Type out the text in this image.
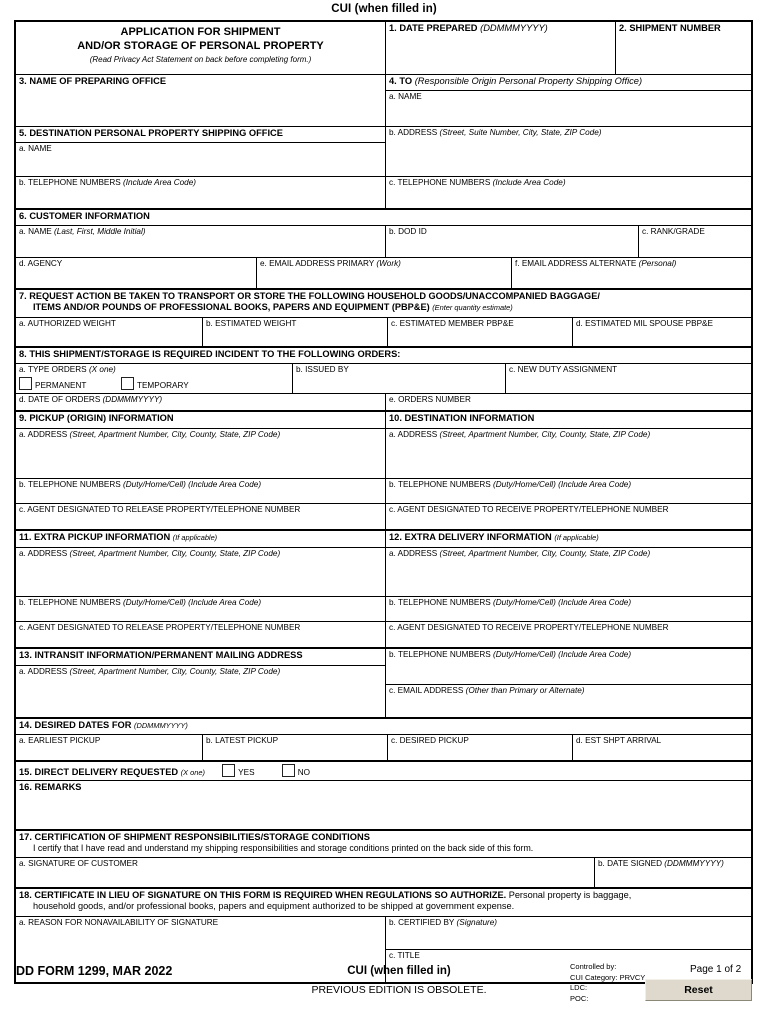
CUI (when filled in)
APPLICATION FOR SHIPMENT
AND/OR STORAGE OF PERSONAL PROPERTY
(Read Privacy Act Statement on back before completing form.)
1. DATE PREPARED (DDMMMYYYY)	2. SHIPMENT NUMBER
3. NAME OF PREPARING OFFICE	4. TO (Responsible Origin Personal Property Shipping Office)
a. NAME
5. DESTINATION PERSONAL PROPERTY SHIPPING OFFICE
a. NAME
b. ADDRESS (Street, Suite Number, City, State, ZIP Code)
b. TELEPHONE NUMBERS (Include Area Code)	c. TELEPHONE NUMBERS (Include Area Code)
6. CUSTOMER INFORMATION
a. NAME (Last, First, Middle Initial)	b. DOD ID	c. RANK/GRADE
d. AGENCY	e. EMAIL ADDRESS PRIMARY (Work)	f. EMAIL ADDRESS ALTERNATE (Personal)
7. REQUEST ACTION BE TAKEN TO TRANSPORT OR STORE THE FOLLOWING HOUSEHOLD GOODS/UNACCOMPANIED BAGGAGE/
ITEMS AND/OR POUNDS OF PROFESSIONAL BOOKS, PAPERS AND EQUIPMENT (PBP&E) (Enter quantity estimate)
a. AUTHORIZED WEIGHT	b. ESTIMATED WEIGHT	c. ESTIMATED MEMBER PBP&E	d. ESTIMATED MIL SPOUSE PBP&E
8. THIS SHIPMENT/STORAGE IS REQUIRED INCIDENT TO THE FOLLOWING ORDERS:
a. TYPE ORDERS (X one)
PERMANENT	TEMPORARY
b. ISSUED BY	c. NEW DUTY ASSIGNMENT
d. DATE OF ORDERS (DDMMMYYYY)	e. ORDERS NUMBER
9. PICKUP (ORIGIN) INFORMATION	10. DESTINATION INFORMATION
a. ADDRESS (Street, Apartment Number, City, County, State, ZIP Code)	a. ADDRESS (Street, Apartment Number, City, County, State, ZIP Code)
b. TELEPHONE NUMBERS (Duty/Home/Cell) (Include Area Code)	b. TELEPHONE NUMBERS (Duty/Home/Cell) (Include Area Code)
c. AGENT DESIGNATED TO RELEASE PROPERTY/TELEPHONE NUMBER	c. AGENT DESIGNATED TO RECEIVE PROPERTY/TELEPHONE NUMBER
11. EXTRA PICKUP INFORMATION (If applicable)	12. EXTRA DELIVERY INFORMATION (If applicable)
a. ADDRESS (Street, Apartment Number, City, County, State, ZIP Code)	a. ADDRESS (Street, Apartment Number, City, County, State, ZIP Code)
b. TELEPHONE NUMBERS (Duty/Home/Cell) (Include Area Code)	b. TELEPHONE NUMBERS (Duty/Home/Cell) (Include Area Code)
c. AGENT DESIGNATED TO RELEASE PROPERTY/TELEPHONE NUMBER	c. AGENT DESIGNATED TO RECEIVE PROPERTY/TELEPHONE NUMBER
13. INTRANSIT INFORMATION/PERMANENT MAILING ADDRESS
a. ADDRESS (Street, Apartment Number, City, County, State, ZIP Code)
b. TELEPHONE NUMBERS (Duty/Home/Cell) (Include Area Code)
c. EMAIL ADDRESS (Other than Primary or Alternate)
14. DESIRED DATES FOR (DDMMMYYYY)
a. EARLIEST PICKUP	b. LATEST PICKUP	c. DESIRED PICKUP	d. EST SHPT ARRIVAL
15. DIRECT DELIVERY REQUESTED (X one)	YES	NO
16. REMARKS
17. CERTIFICATION OF SHIPMENT RESPONSIBILITIES/STORAGE CONDITIONS
I certify that I have read and understand my shipping responsibilities and storage conditions printed on the back side of this form.
a. SIGNATURE OF CUSTOMER	b. DATE SIGNED (DDMMMYYYY)
18. CERTIFICATE IN LIEU OF SIGNATURE ON THIS FORM IS REQUIRED WHEN REGULATIONS SO AUTHORIZE. Personal property is baggage,
household goods, and/or professional books, papers and equipment authorized to be shipped at government expense.
a. REASON FOR NONAVAILABILITY OF SIGNATURE	b. CERTIFIED BY (Signature)
c. TITLE
DD FORM 1299, MAR 2022	CUI (when filled in)
PREVIOUS EDITION IS OBSOLETE.
Controlled by:
CUI Category: PRVCY
LDC:
POC:
Page 1 of 2
Reset
